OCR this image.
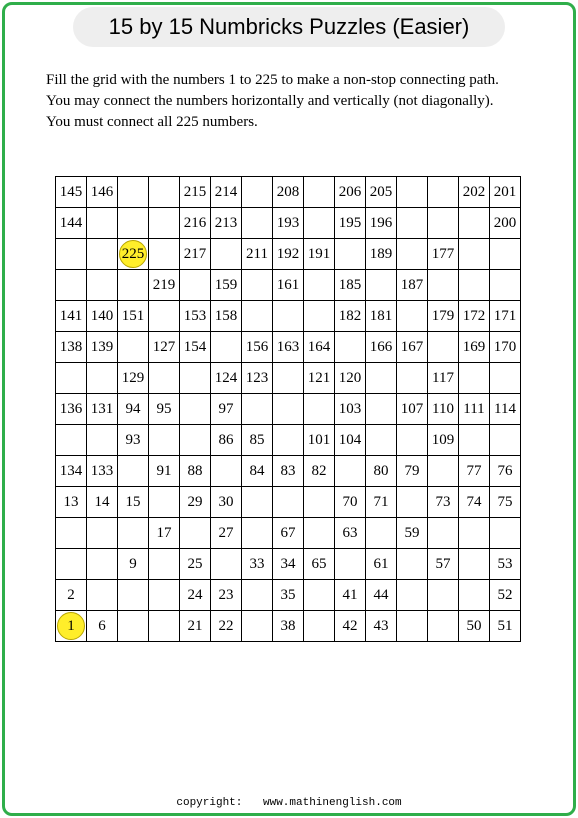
15 by 15 Numbricks Puzzles (Easier)
Fill the grid with the numbers 1 to 225 to make a non-stop connecting path.
You may connect the numbers horizontally and vertically (not diagonally).
You must connect all 225 numbers.
145	146			215	214		208		206	205			202	201
144				216	213		193		195	196				200
		225		217		211	192	191		189		177		
			219		159		161		185		187			
141	140	151		153	158				182	181		179	172	171
138	139		127	154		156	163	164		166	167		169	170
		129			124	123		121	120			117		
136	131	94	95		97				103		107	110	111	114
		93			86	85		101	104			109		
134	133		91	88		84	83	82		80	79		77	76
13	14	15		29	30				70	71		73	74	75
			17		27		67		63		59			
		9		25		33	34	65		61		57		53
2				24	23		35		41	44				52
1	6			21	22		38		42	43			50	51
copyright: www.mathinenglish.com
